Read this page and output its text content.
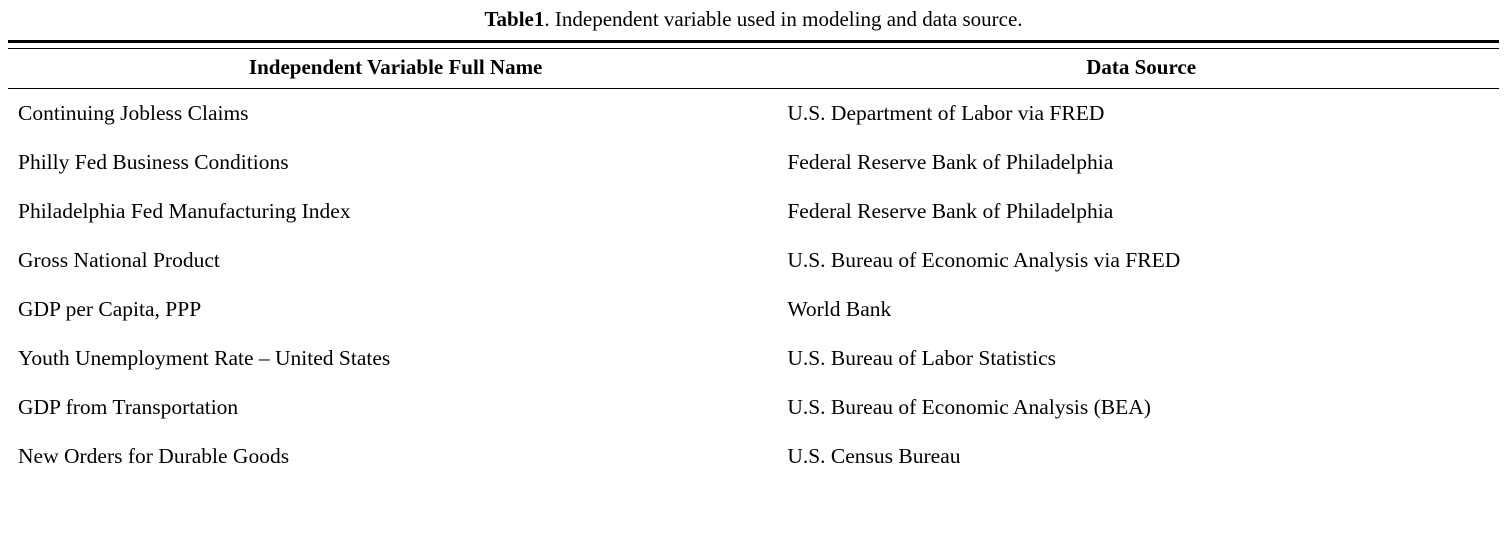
Table1. Independent variable used in modeling and data source.

Independent Variable Full Name	Data Source
Continuing Jobless Claims	U.S. Department of Labor via FRED
Philly Fed Business Conditions	Federal Reserve Bank of Philadelphia
Philadelphia Fed Manufacturing Index	Federal Reserve Bank of Philadelphia
Gross National Product	U.S. Bureau of Economic Analysis via FRED
GDP per Capita, PPP	World Bank
Youth Unemployment Rate – United States	U.S. Bureau of Labor Statistics
GDP from Transportation	U.S. Bureau of Economic Analysis (BEA)
New Orders for Durable Goods	U.S. Census Bureau
